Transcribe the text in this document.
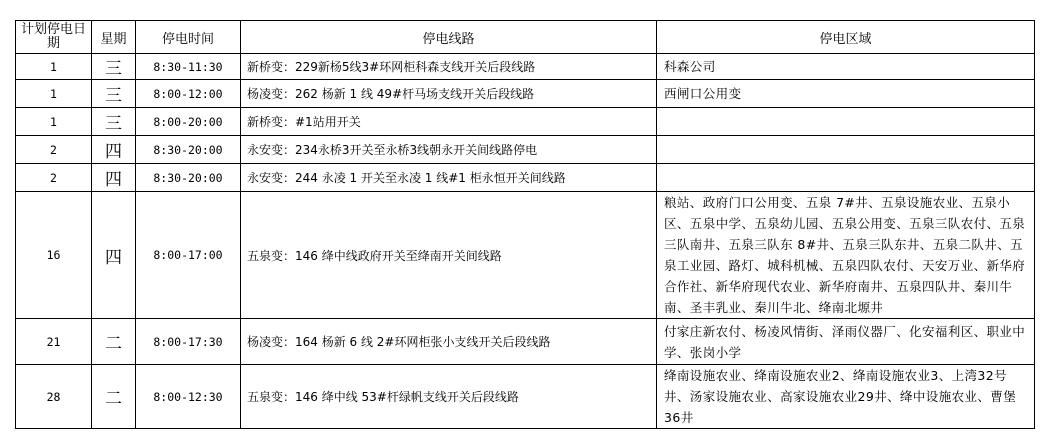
计划停电日期	星期	停电时间	停电线路	停电区域
1	三	8:30-11:30	新桥变：229新杨5线3#环网柜科森支线开关后段线路	科森公司
1	三	8:00-12:00	杨凌变：262 杨新 1 线 49#杆马场支线开关后段线路	西闸口公用变
1	三	8:00-20:00	新桥变：#1站用开关	
2	四	8:30-20:00	永安变：234永桥3开关至永桥3线朝永开关间线路停电	
2	四	8:30-20:00	永安变：244 永凌 1 开关至永凌 1 线#1 柜永恒开关间线路	
16	四	8:00-17:00	五泉变：146 绛中线政府开关至绛南开关间线路	粮站、政府门口公用变、五泉 7#井、五泉设施农业、五泉小区、五泉中学、五泉幼儿园、五泉公用变、五泉三队农付、五泉三队南井、五泉三队东 8#井、五泉三队东井、五泉二队井、五泉工业园、路灯、城科机械、五泉四队农付、天安万业、新华府合作社、新华府现代农业、新华府南井、五泉四队井、秦川牛南、圣丰乳业、秦川牛北、绛南北塬井
21	二	8:00-17:30	杨凌变：164 杨新 6 线 2#环网柜张小支线开关后段线路	付家庄新农付、杨凌风情街、泽雨仪器厂、化安福利区、职业中学、张岗小学
28	二	8:00-12:30	五泉变：146 绛中线 53#杆绿帆支线开关后段线路	绛南设施农业、绛南设施农业2、绛南设施农业3、上湾32号井、汤家设施农业、高家设施农业29井、绛中设施农业、曹堡36井
